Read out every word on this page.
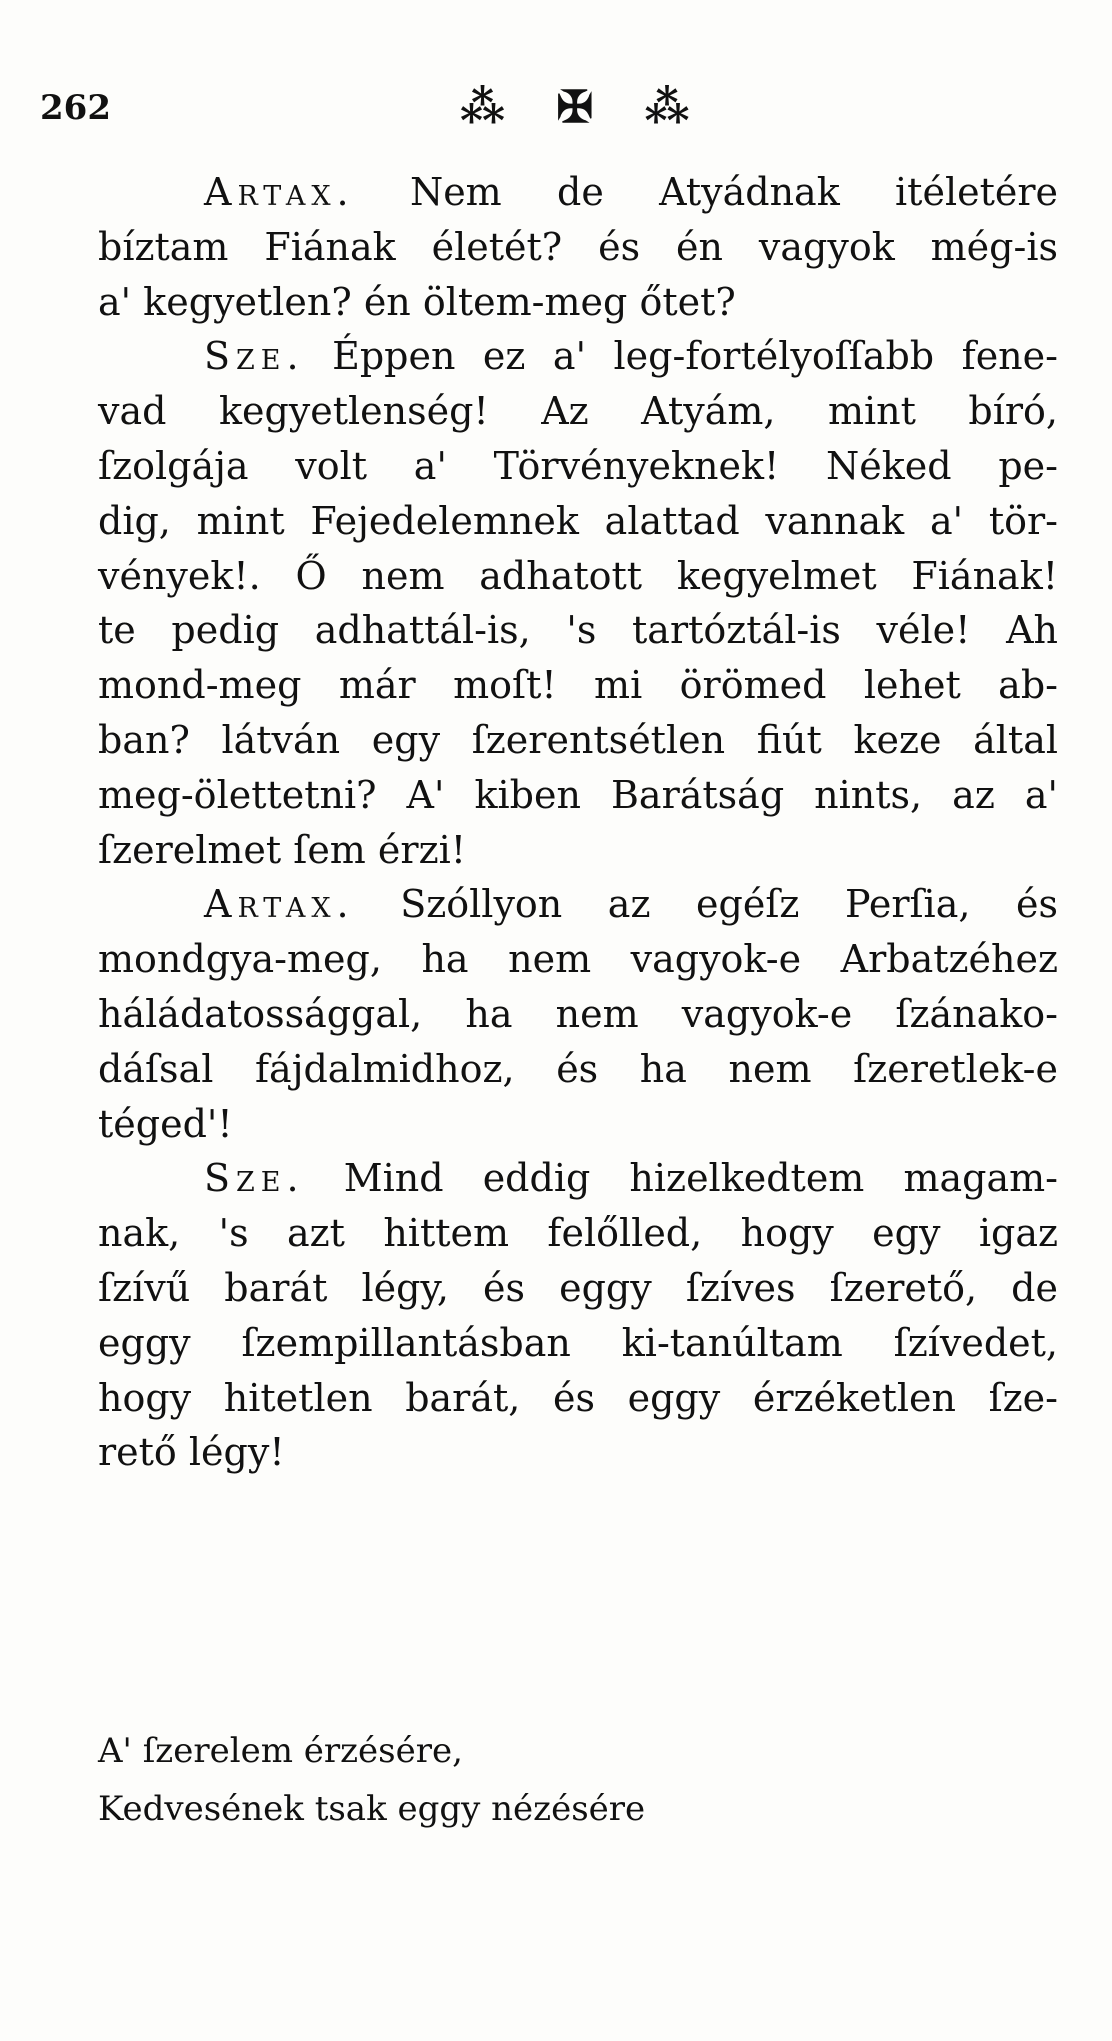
262	⁂ ✠ ⁂

Artax. Nem de Atyádnak itéletére
bíztam Fiának életét? és én vagyok még-is
a' kegyetlen? én öltem-meg őtet?

Sze. Éppen ez a' leg-fortélyoſſabb fene-
vad kegyetlenség! Az Atyám, mint bíró,
ſzolgája volt a' Törvényeknek! Néked pe-
dig, mint Fejedelemnek alattad vannak a' tör-
vények!. Ő nem adhatott kegyelmet Fiának!
te pedig adhattál-is, 's tartóztál-is véle! Ah
mond-meg már moſt! mi örömed lehet ab-
ban? látván egy ſzerentsétlen fiút keze által
meg-ölettetni? A' kiben Barátság nints, az a'
ſzerelmet ſem érzi!

Artax. Szóllyon az egéſz Perſia, és
mondgya-meg, ha nem vagyok-e Arbatzéhez
háládatossággal, ha nem vagyok-e ſzánako-
dáſsal fájdalmidhoz, és ha nem ſzeretlek-e
téged'!

Sze. Mind eddig hizelkedtem magam-
nak, 's azt hittem felőlled, hogy egy igaz
ſzívű barát légy, és eggy ſzíves ſzerető, de
eggy ſzempillantásban ki-tanúltam ſzívedet,
hogy hitetlen barát, és eggy érzéketlen ſze-
rető légy!

A' ſzerelem érzésére,
Kedvesének tsak eggy nézésére
